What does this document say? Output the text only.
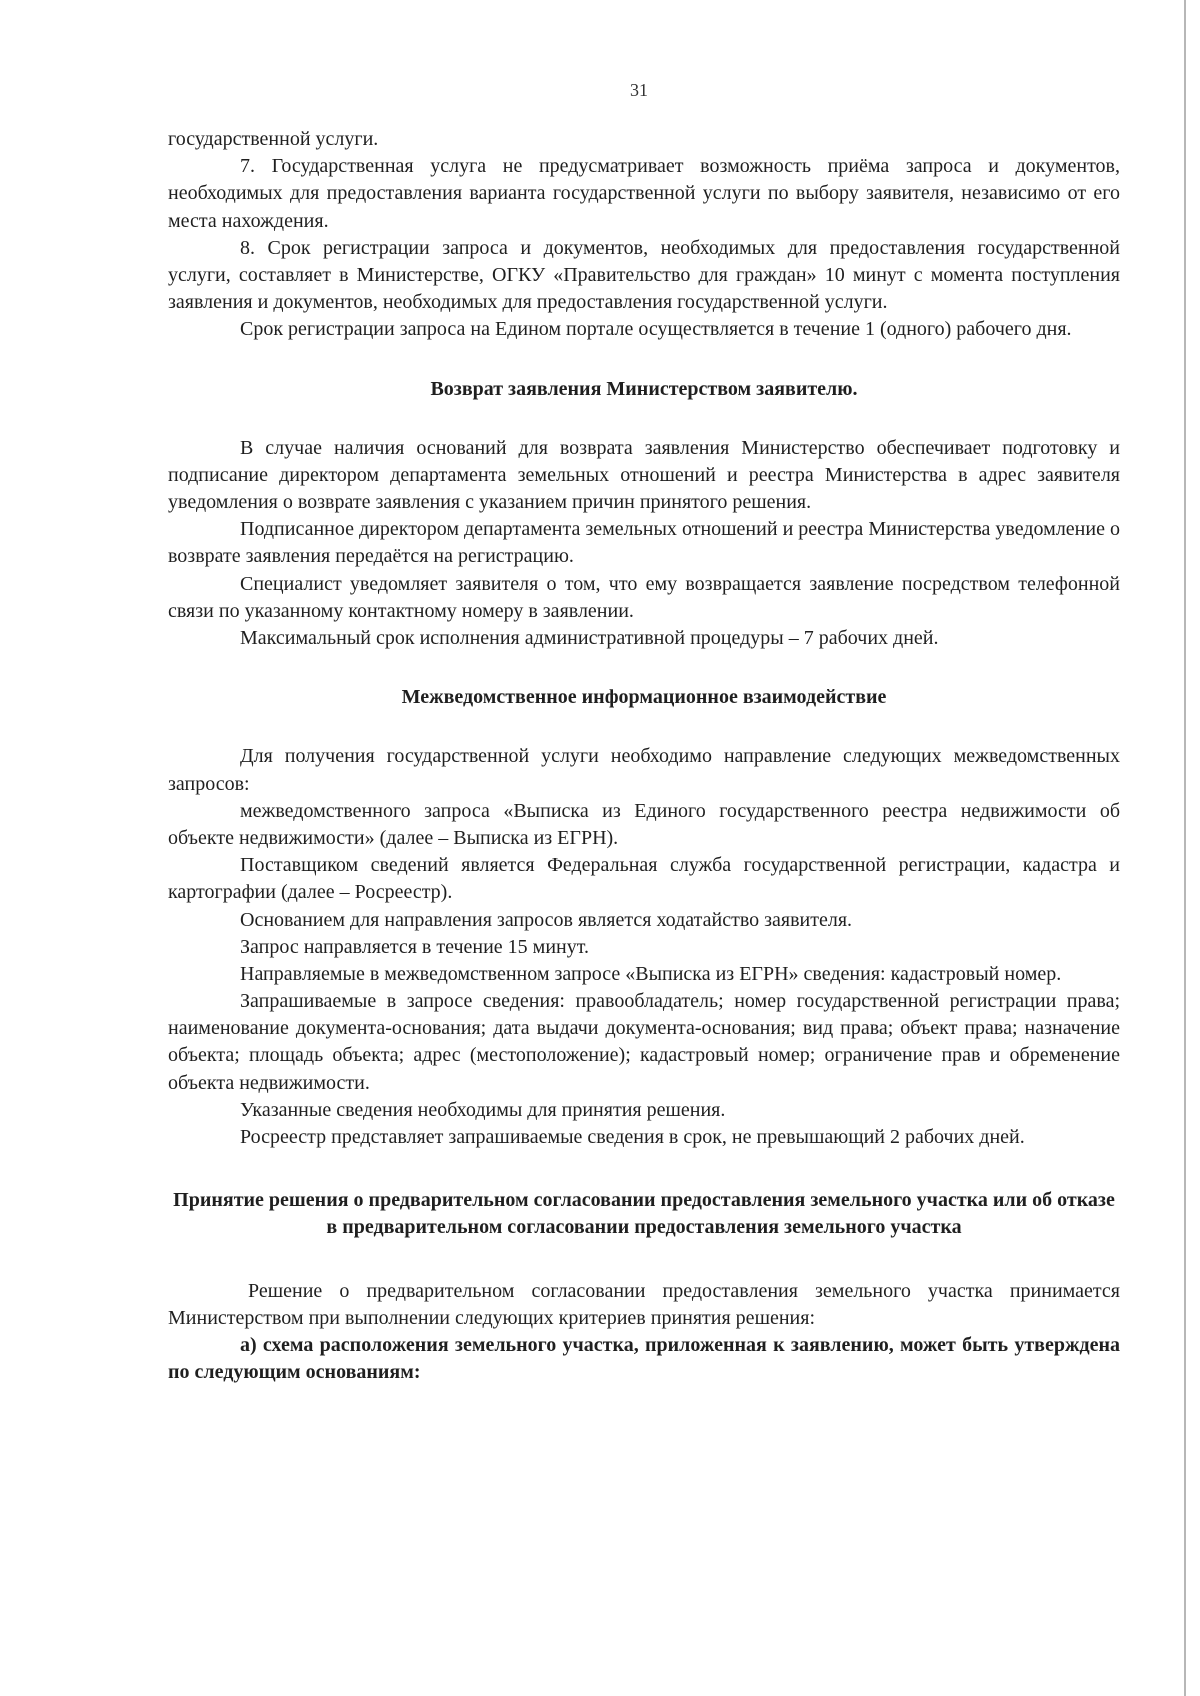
31

государственной услуги.

7. Государственная услуга не предусматривает возможность приёма запроса и документов, необходимых для предоставления варианта государственной услуги по выбору заявителя, независимо от его места нахождения.

8. Срок регистрации запроса и документов, необходимых для предоставления государственной услуги, составляет в Министерстве, ОГКУ «Правительство для граждан» 10 минут с момента поступления заявления и документов, необходимых для предоставления государственной услуги.

Срок регистрации запроса на Едином портале осуществляется в течение 1 (одного) рабочего дня.

Возврат заявления Министерством заявителю.

В случае наличия оснований для возврата заявления Министерство обеспечивает подготовку и подписание директором департамента земельных отношений и реестра Министерства в адрес заявителя уведомления о возврате заявления с указанием причин принятого решения.

Подписанное директором департамента земельных отношений и реестра Министерства уведомление о возврате заявления передаётся на регистрацию.

Специалист уведомляет заявителя о том, что ему возвращается заявление посредством телефонной связи по указанному контактному номеру в заявлении.

Максимальный срок исполнения административной процедуры – 7 рабочих дней.

Межведомственное информационное взаимодействие

Для получения государственной услуги необходимо направление следующих межведомственных запросов:

межведомственного запроса «Выписка из Единого государственного реестра недвижимости об объекте недвижимости» (далее – Выписка из ЕГРН).

Поставщиком сведений является Федеральная служба государственной регистрации, кадастра и картографии (далее – Росреестр).

Основанием для направления запросов является ходатайство заявителя.

Запрос направляется в течение 15 минут.

Направляемые в межведомственном запросе «Выписка из ЕГРН» сведения: кадастровый номер.

Запрашиваемые в запросе сведения: правообладатель; номер государственной регистрации права; наименование документа-основания; дата выдачи документа-основания; вид права; объект права; назначение объекта; площадь объекта; адрес (местоположение); кадастровый номер; ограничение прав и обременение объекта недвижимости.

Указанные сведения необходимы для принятия решения.

Росреестр представляет запрашиваемые сведения в срок, не превышающий 2 рабочих дней.

Принятие решения о предварительном согласовании предоставления земельного участка или об отказе в предварительном согласовании предоставления земельного участка

Решение о предварительном согласовании предоставления земельного участка принимается Министерством при выполнении следующих критериев принятия решения:

а) схема расположения земельного участка, приложенная к заявлению, может быть утверждена по следующим основаниям:
